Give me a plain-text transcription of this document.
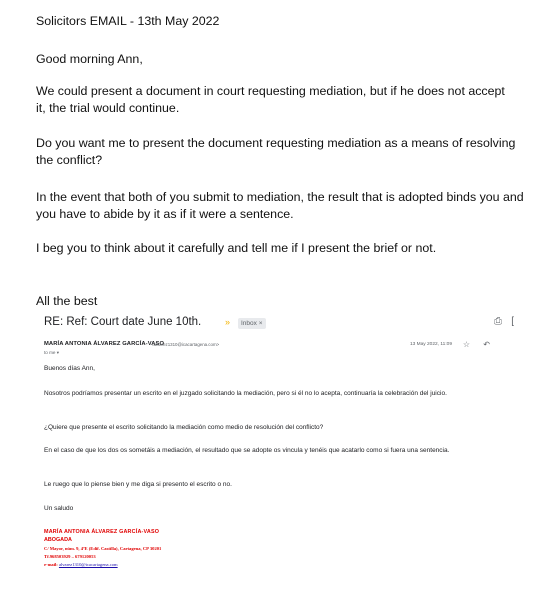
Solicitors EMAIL - 13th May 2022
Good morning Ann,
We could present a document in court requesting mediation, but if he does not accept it, the trial would continue.
Do you want me to present the document requesting mediation as a means of resolving the conflict?
In the event that both of you submit to mediation, the result that is adopted binds you and you have to abide by it as if it were a sentence.
I beg you to think about it carefully and tell me if I present the brief or not.
All the best
RE: Ref: Court date June 10th.	»	Inbox ×	⎙ [
MARÍA ANTONIA ÁLVAREZ GARCÍA-VASO
<alvarez1310@icacartagena.com>
to me ▾
13 May 2022, 11:09 ☆ ↶
Buenos días Ann,
Nosotros podríamos presentar un escrito en el juzgado solicitando la mediación, pero si él no lo acepta, continuaría la celebración del juicio.
¿Quiere que presente el escrito solicitando la mediación como medio de resolución del conflicto?
En el caso de que los dos os sometáis a mediación, el resultado que se adopte os vincula y tenéis que acatarlo como si fuera una sentencia.
Le ruego que lo piense bien y me diga si presento el escrito o no.
Un saludo
MARÍA ANTONIA ÁLVAREZ GARCÍA-VASO
ABOGADA
C/ Mayor, núm. 9, 4ºE (Edif. Castilla), Cartagena, CP 30201
Tf.968503929 – 679120053
e-mail: alvarez1310@icacartagena.com
